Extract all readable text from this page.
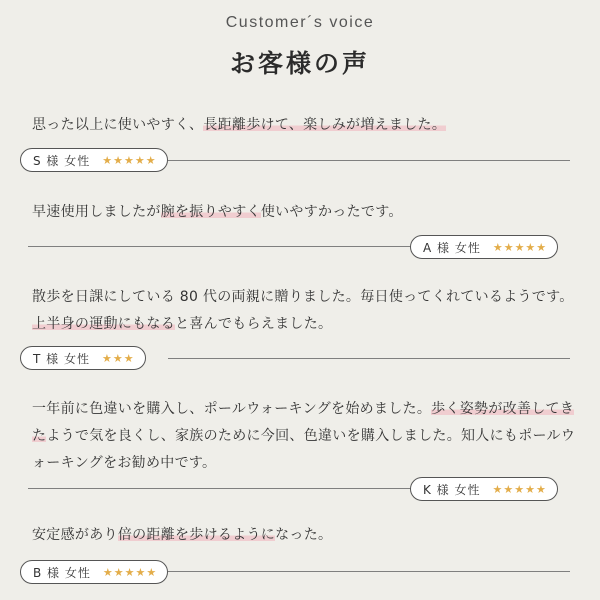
Customer´s voice
お客様の声
思った以上に使いやすく、長距離歩けて、楽しみが増えました。
S 様 女性 ★★★★★
早速使用しましたが腕を振りやすく使いやすかったです。
A 様 女性 ★★★★★
散歩を日課にしている 80 代の両親に贈りました。毎日使ってくれているようです。上半身の運動にもなると喜んでもらえました。
T 様 女性 ★★★
一年前に色違いを購入し、ポールウォーキングを始めました。歩く姿勢が改善してきたようで気を良くし、家族のために今回、色違いを購入しました。知人にもポールウォーキングをお勧め中です。
K 様 女性 ★★★★★
安定感があり倍の距離を歩けるようになった。
B 様 女性 ★★★★★
